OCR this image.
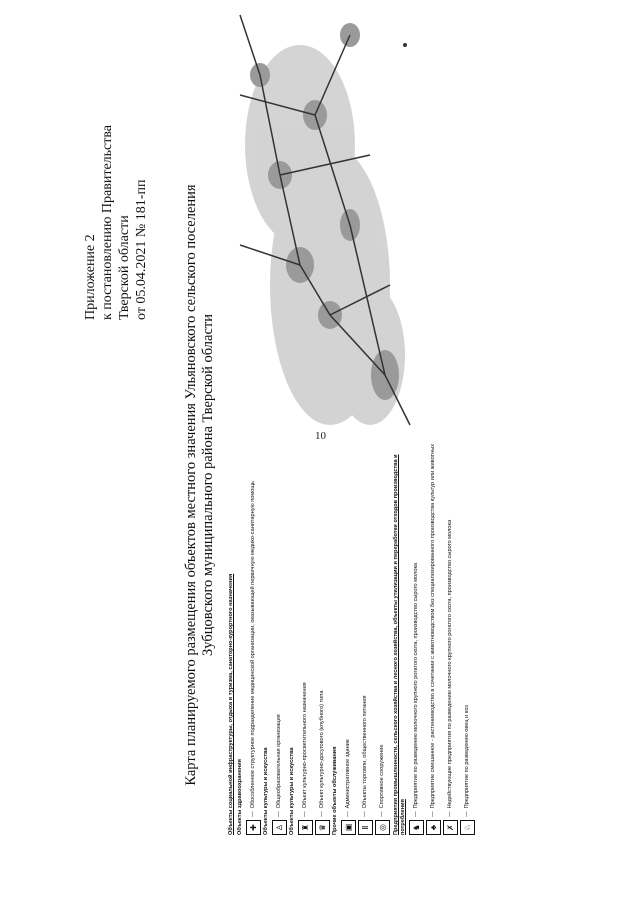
10
Приложение 2 к постановлению Правительства Тверской области от 05.04.2021 № 181-пп Карта планируемого размещения объектов местного значения Ульяновского сельского поселения Зубцовского муниципального района Тверской области
Объекты социальной инфраструктуры, отдыха и туризма, санаторно-курортного назначения Объекты здравоохранения ✚
—
Обособленное структурное подразделение медицинской организации, оказывающей первичную медико-санитарную помощь Объекты культуры и искусства ♙
—
Общеобразовательная организация Объекты культуры и искусства ♜
—
Объект культурно-просветительного назначения
♛
—
Объект культурно-досугового (клубного) типа Прочие объекты обслуживания ▣
—
Административное здание
Ⅱ
—
Объекты торговли, общественного питания
◎
—
Спортивное сооружение Предприятия промышленности, сельского хозяйства и лесного хозяйства, объекты утилизации и переработки отходов производства и потребления ♞
—
Предприятие по разведению молочного крупного рогатого скота, производство сырого молока
♣
—
Предприятие смешанное - растениеводство в сочетании с животноводством без специализированного производства культур или животных
✗
—
Недействующие предприятия по разведению молочного крупного рогатого скота, производство сырого молока
♘
—
Предприятие по разведению овец и коз
